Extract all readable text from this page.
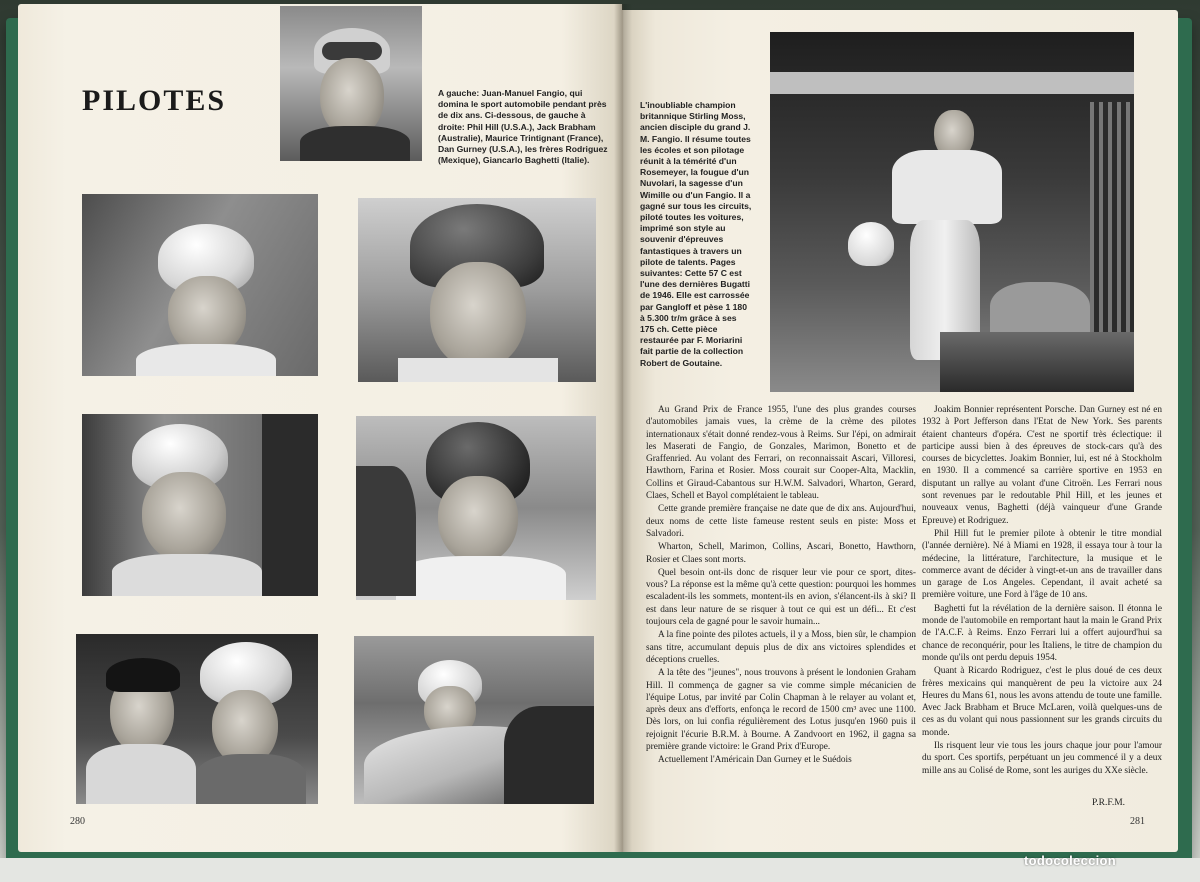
PILOTES	A gauche: Juan-Manuel Fangio, qui domina le sport automobile pendant près de dix ans. Ci-dessous, de gauche à droite: Phil Hill (U.S.A.), Jack Brabham (Australie), Maurice Trintignant (France), Dan Gurney (U.S.A.), les frères Rodriguez (Mexique), Giancarlo Baghetti (Italie).
280
L'inoubliable champion britannique Stirling Moss, ancien disciple du grand J. M. Fangio. Il résume toutes les écoles et son pilotage réunit à la témérité d'un Rosemeyer, la fougue d'un Nuvolari, la sagesse d'un Wimille ou d'un Fangio. Il a gagné sur tous les circuits, piloté toutes les voitures, imprimé son style au souvenir d'épreuves fantastiques à travers un pilote de talents. Pages suivantes: Cette 57 C est l'une des dernières Bugatti de 1946. Elle est carrossée par Gangloff et pèse 1 180 à 5.300 tr/m grâce à ses 175 ch. Cette pièce restaurée par F. Moriarini fait partie de la collection Robert de Goutaine.

Au Grand Prix de France 1955, l'une des plus grandes courses d'automobiles jamais vues, la crème de la crème des pilotes internationaux s'était donné rendez-vous à Reims. Sur l'épi, on admirait les Maserati de Fangio, de Gonzales, Marimon, Bonetto et de Graffenried. Au volant des Ferrari, on reconnaissait Ascari, Villoresi, Hawthorn, Farina et Rosier. Moss courait sur Cooper-Alta, Macklin, Collins et Giraud-Cabantous sur H.W.M. Salvadori, Wharton, Gerard, Claes, Schell et Bayol complétaient le tableau.

Cette grande première française ne date que de dix ans. Aujourd'hui, deux noms de cette liste fameuse restent seuls en piste: Moss et Salvadori.

Wharton, Schell, Marimon, Collins, Ascari, Bonetto, Hawthorn, Rosier et Claes sont morts.

Quel besoin ont-ils donc de risquer leur vie pour ce sport, dites-vous? La réponse est la même qu'à cette question: pourquoi les hommes escaladent-ils les sommets, montent-ils en avion, s'élancent-ils à ski? Il est dans leur nature de se risquer à tout ce qui est un défi... Et c'est toujours cela de gagné pour le savoir humain...

A la fine pointe des pilotes actuels, il y a Moss, bien sûr, le champion sans titre, accumulant depuis plus de dix ans victoires splendides et déceptions cruelles.

A la tête des "jeunes", nous trouvons à présent le londonien Graham Hill. Il commença de gagner sa vie comme simple mécanicien de l'équipe Lotus, par invité par Colin Chapman à le relayer au volant et, après deux ans d'efforts, enfonça le record de 1500 cm³ avec une 1100. Dès lors, on lui confia régulièrement des Lotus jusqu'en 1960 puis il rejoignit l'écurie B.R.M. à Bourne. A Zandvoort en 1962, il gagna sa première grande victoire: le Grand Prix d'Europe.

Actuellement l'Américain Dan Gurney et le Suédois

Joakim Bonnier représentent Porsche. Dan Gurney est né en 1932 à Port Jefferson dans l'Etat de New York. Ses parents étaient chanteurs d'opéra. C'est ne sportif très éclectique: il participe aussi bien à des épreuves de stock-cars qu'à des courses de bicyclettes. Joakim Bonnier, lui, est né à Stockholm en 1930. Il a commencé sa carrière sportive en 1953 en disputant un rallye au volant d'une Citroën. Les Ferrari nous sont revenues par le redoutable Phil Hill, et les jeunes et nouveaux venus, Baghetti (déjà vainqueur d'une Grande Epreuve) et Rodriguez.

Phil Hill fut le premier pilote à obtenir le titre mondial (l'année dernière). Né à Miami en 1928, il essaya tour à tour la médecine, la littérature, l'architecture, la musique et le commerce avant de décider à vingt-et-un ans de travailler dans un garage de Los Angeles. Cependant, il avait acheté sa première voiture, une Ford à l'âge de 10 ans.

Baghetti fut la révélation de la dernière saison. Il étonna le monde de l'automobile en remportant haut la main le Grand Prix de l'A.C.F. à Reims. Enzo Ferrari lui a offert aujourd'hui sa chance de reconquérir, pour les Italiens, le titre de champion du monde qu'ils ont perdu depuis 1954.

Quant à Ricardo Rodriguez, c'est le plus doué de ces deux frères mexicains qui manquèrent de peu la victoire aux 24 Heures du Mans 61, nous les avons attendu de toute une famille. Avec Jack Brabham et Bruce McLaren, voilà quelques-uns de ces as du volant qui nous passionnent sur les grands circuits du monde.

Ils risquent leur vie tous les jours chaque jour pour l'amour du sport. Ces sportifs, perpétuant un jeu commencé il y a deux mille ans au Colisé de Rome, sont les auriges du XXe siècle.

P.R.F.M.
281
todocoleccion
